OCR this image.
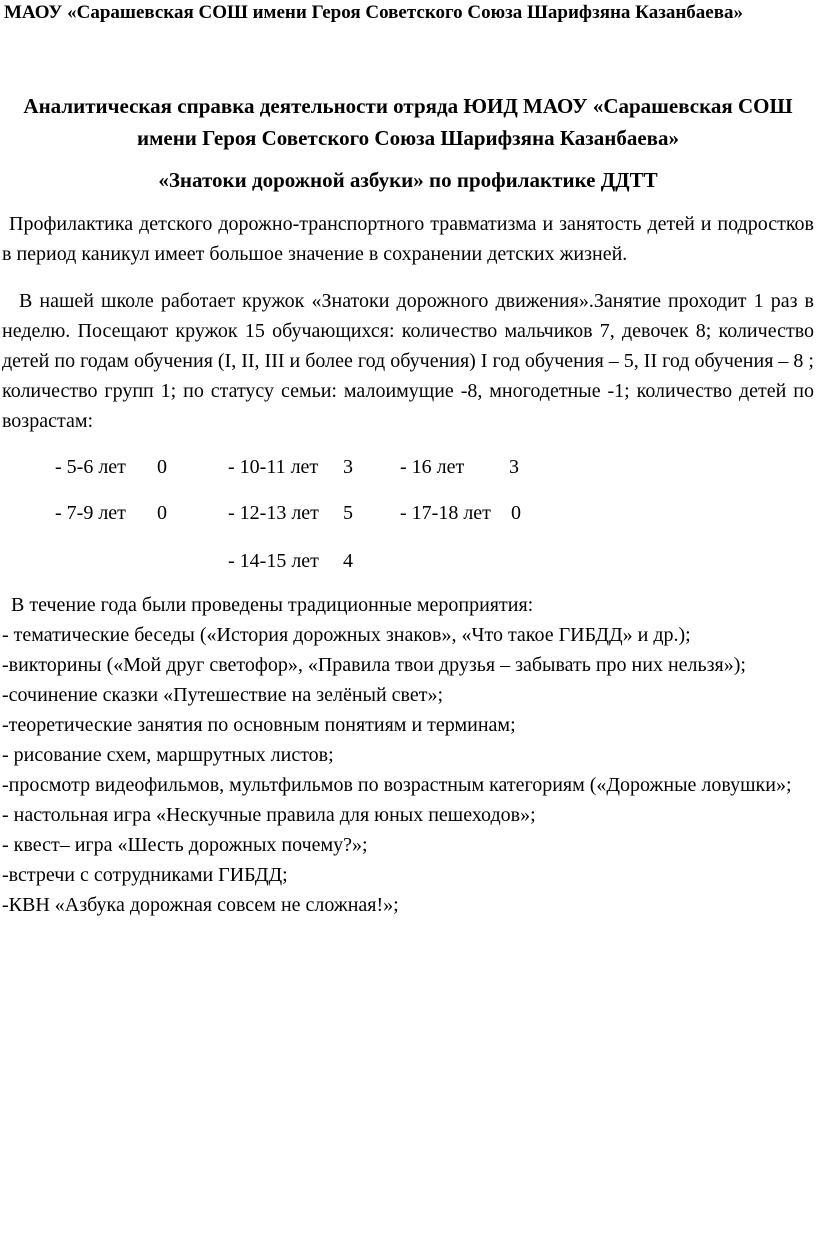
МАОУ «Сарашевская СОШ имени Героя Советского Союза Шарифзяна Казанбаева»
Аналитическая справка деятельности отряда ЮИД МАОУ «Сарашевская СОШ имени Героя Советского Союза Шарифзяна Казанбаева»
«Знатоки дорожной азбуки» по профилактике ДДТТ

Профилактика детского дорожно-транспортного травматизма и занятость детей и подростков в период каникул имеет большое значение в сохранении детских жизней.

В нашей школе работает кружок «Знатоки дорожного движения».Занятие проходит 1 раз в неделю. Посещают кружок 15 обучающихся: количество мальчиков 7, девочек 8; количество детей по годам обучения (I, II, III и более год обучения) I год обучения – 5, II год обучения – 8 ; количество групп 1; по статусу семьи: малоимущие -8, многодетные -1; количество детей по возрастам:

- 5-6 лет 0
- 7-9 лет 0
- 10-11 лет 3
- 12-13 лет 5
- 14-15 лет 4
- 16 лет 3
- 17-18 лет 0
В течение года были проведены традиционные мероприятия:
- тематические беседы («История дорожных знаков», «Что такое ГИБДД» и др.);
-викторины («Мой друг светофор», «Правила твои друзья – забывать про них нельзя»);
-сочинение сказки «Путешествие на зелёный свет»;
-теоретические занятия по основным понятиям и терминам;
- рисование схем, маршрутных листов;
-просмотр видеофильмов, мультфильмов по возрастным категориям («Дорожные ловушки»;
- настольная игра «Нескучные правила для юных пешеходов»;
- квест– игра «Шесть дорожных почему?»;
-встречи с сотрудниками ГИБДД;
-КВН «Азбука дорожная совсем не сложная!»;
